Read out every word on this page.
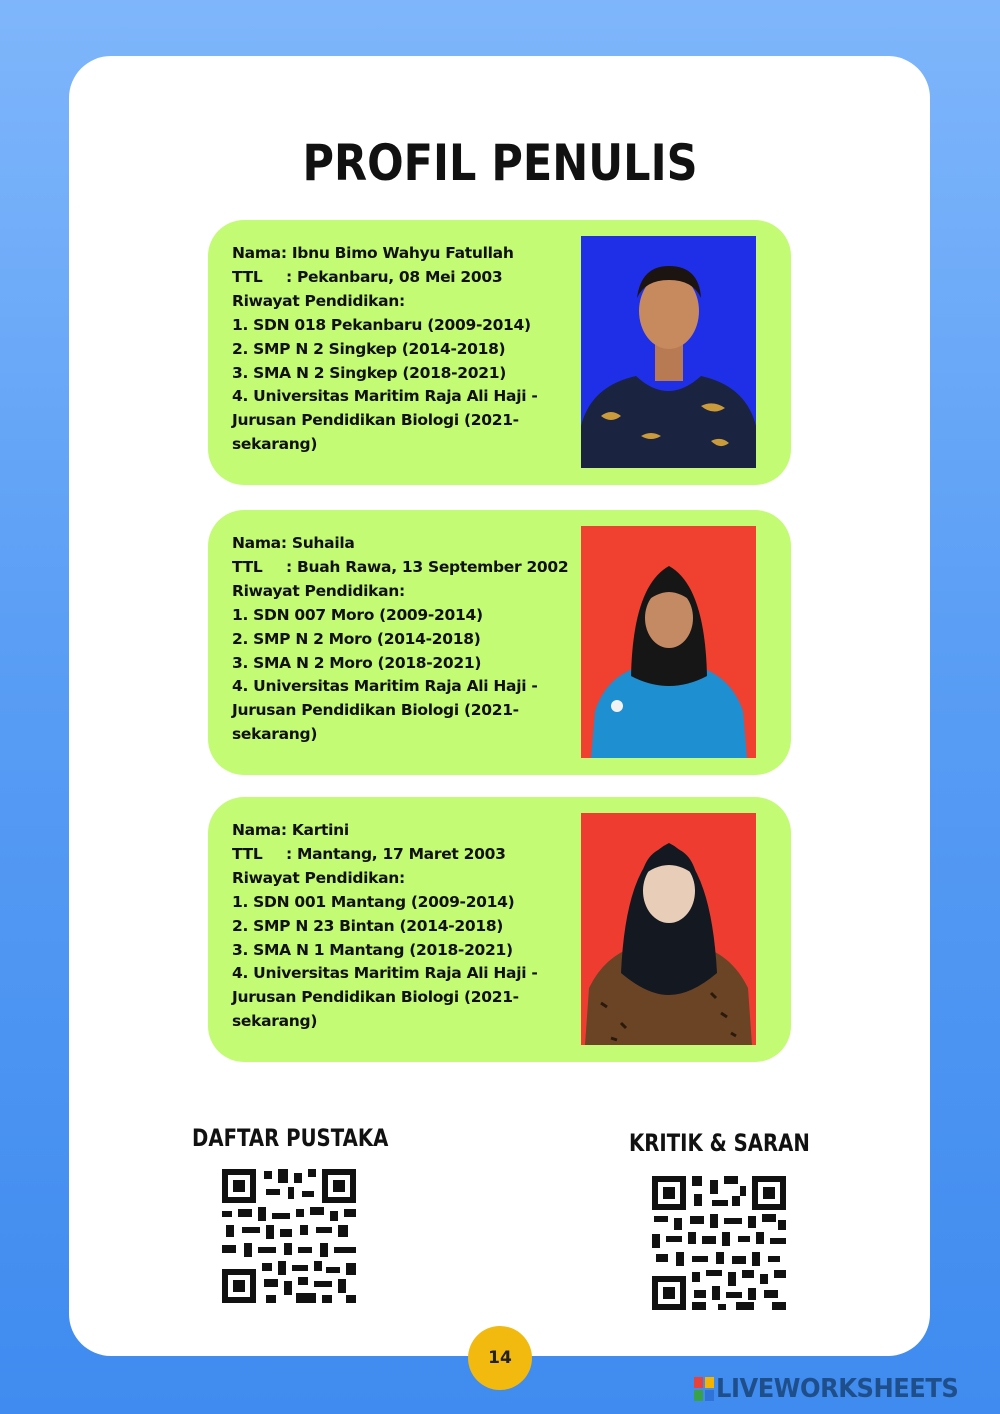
PROFIL PENULIS
Nama: Ibnu Bimo Wahyu Fatullah
TTL : Pekanbaru, 08 Mei 2003
Riwayat Pendidikan:
1. SDN 018 Pekanbaru (2009-2014)
2. SMP N 2 Singkep (2014-2018)
3. SMA N 2 Singkep (2018-2021)
4. Universitas Maritim Raja Ali Haji - Jurusan Pendidikan Biologi (2021-sekarang)
Nama: Suhaila
TTL : Buah Rawa, 13 September 2002
Riwayat Pendidikan:
1. SDN 007 Moro (2009-2014)
2. SMP N 2 Moro (2014-2018)
3. SMA N 2 Moro (2018-2021)
4. Universitas Maritim Raja Ali Haji - Jurusan Pendidikan Biologi (2021-sekarang)
Nama: Kartini
TTL : Mantang, 17 Maret 2003
Riwayat Pendidikan:
1. SDN 001 Mantang (2009-2014)
2. SMP N 23 Bintan (2014-2018)
3. SMA N 1 Mantang (2018-2021)
4. Universitas Maritim Raja Ali Haji - Jurusan Pendidikan Biologi (2021-sekarang)
DAFTAR PUSTAKA	KRITIK & SARAN
14
LIVEWORKSHEETS
